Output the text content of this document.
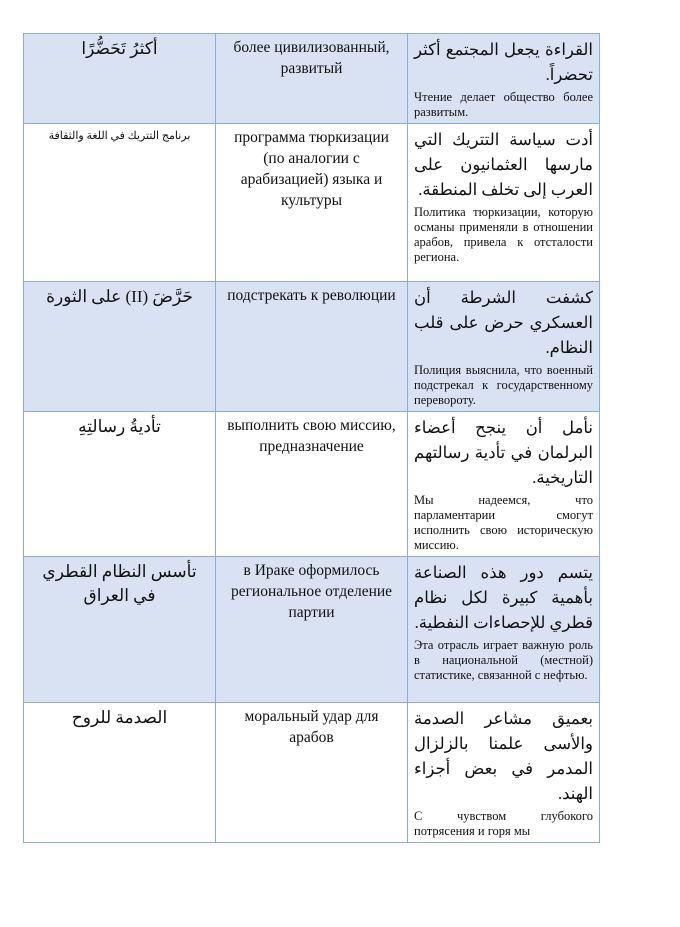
أكثرُ تَحَضُّرًا	более цивилизованный, развитый	القراءة يجعل المجتمع أكثر تحضراً.

Чтение делает общество более развитым.

برنامج التتريك في اللغة والثقافة	программа тюркизации (по аналогии с арабизацией) языка и культуры	أدت سياسة التتريك التي مارسها العثمانيون على العرب إلى تخلف المنطقة.

Политика тюркизации, которую османы применяли в отношении арабов, привела к отсталости региона.

حَرَّضَ (II) على الثورة	подстрекать к революции	كشفت الشرطة أن العسكري حرض على قلب النظام.

Полиция выяснила, что военный подстрекал к государственному перевороту.

تأديةُ رسالتِهِ	выполнить свою миссию, предназначение	نأمل أن ينجح أعضاء البرلمان في تأدية رسالتهم التاريخية.

Мы надеемся, что парламентарии смогут исполнить свою историческую миссию.

تأسس النظام القطري في العراق	в Ираке оформилось региональное отделение партии	يتسم دور هذه الصناعة بأهمية كبيرة لكل نظام قطري للإحصاءات النفطية.

Эта отрасль играет важную роль в национальной (местной) статистике, связанной с нефтью.

الصدمة للروح	моральный удар для арабов	بعميق مشاعر الصدمة والأسى علمنا بالزلزال المدمر في بعض أجزاء الهند.

С чувством глубокого потрясения и горя мы
